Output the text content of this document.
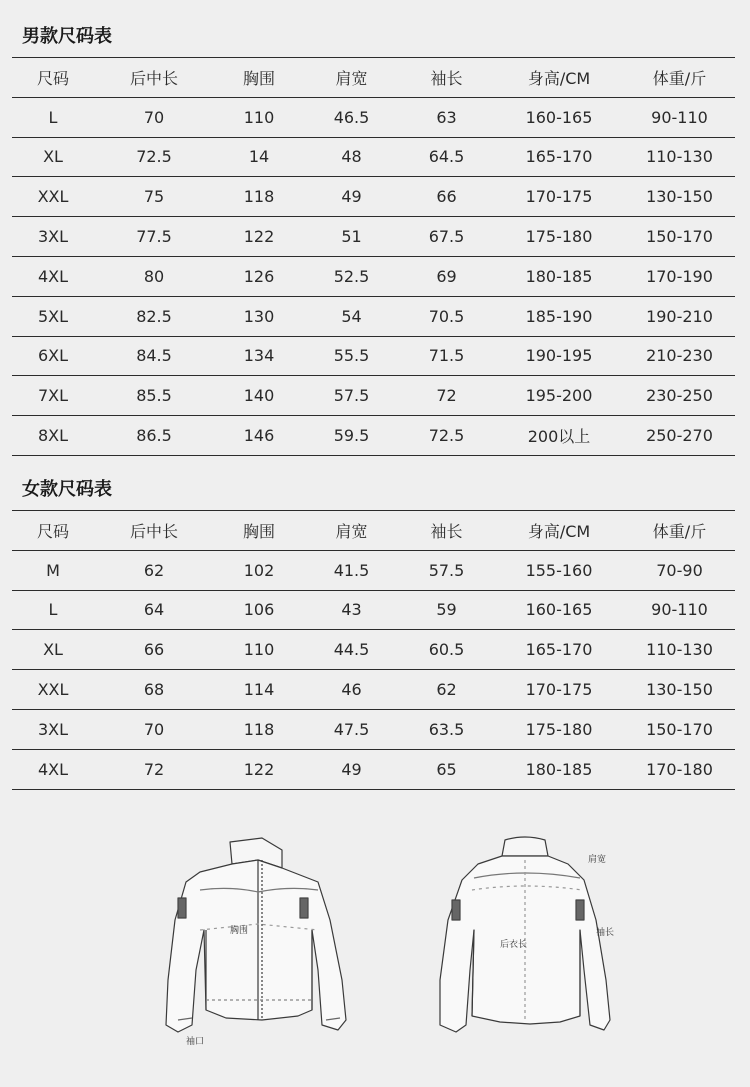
男款尺码表
尺码	后中长	胸围	肩宽	袖长	身高/CM	体重/斤
L	70	110	46.5	63	160-165	90-110
XL	72.5	14	48	64.5	165-170	110-130
XXL	75	118	49	66	170-175	130-150
3XL	77.5	122	51	67.5	175-180	150-170
4XL	80	126	52.5	69	180-185	170-190
5XL	82.5	130	54	70.5	185-190	190-210
6XL	84.5	134	55.5	71.5	190-195	210-230
7XL	85.5	140	57.5	72	195-200	230-250
8XL	86.5	146	59.5	72.5	200以上	250-270
女款尺码表
尺码	后中长	胸围	肩宽	袖长	身高/CM	体重/斤
M	62	102	41.5	57.5	155-160	70-90
L	64	106	43	59	160-165	90-110
XL	66	110	44.5	60.5	165-170	110-130
XXL	68	114	46	62	170-175	130-150
3XL	70	118	47.5	63.5	175-180	150-170
4XL	72	122	49	65	180-185	170-180
胸围
袖口
肩宽
后衣长
袖长
